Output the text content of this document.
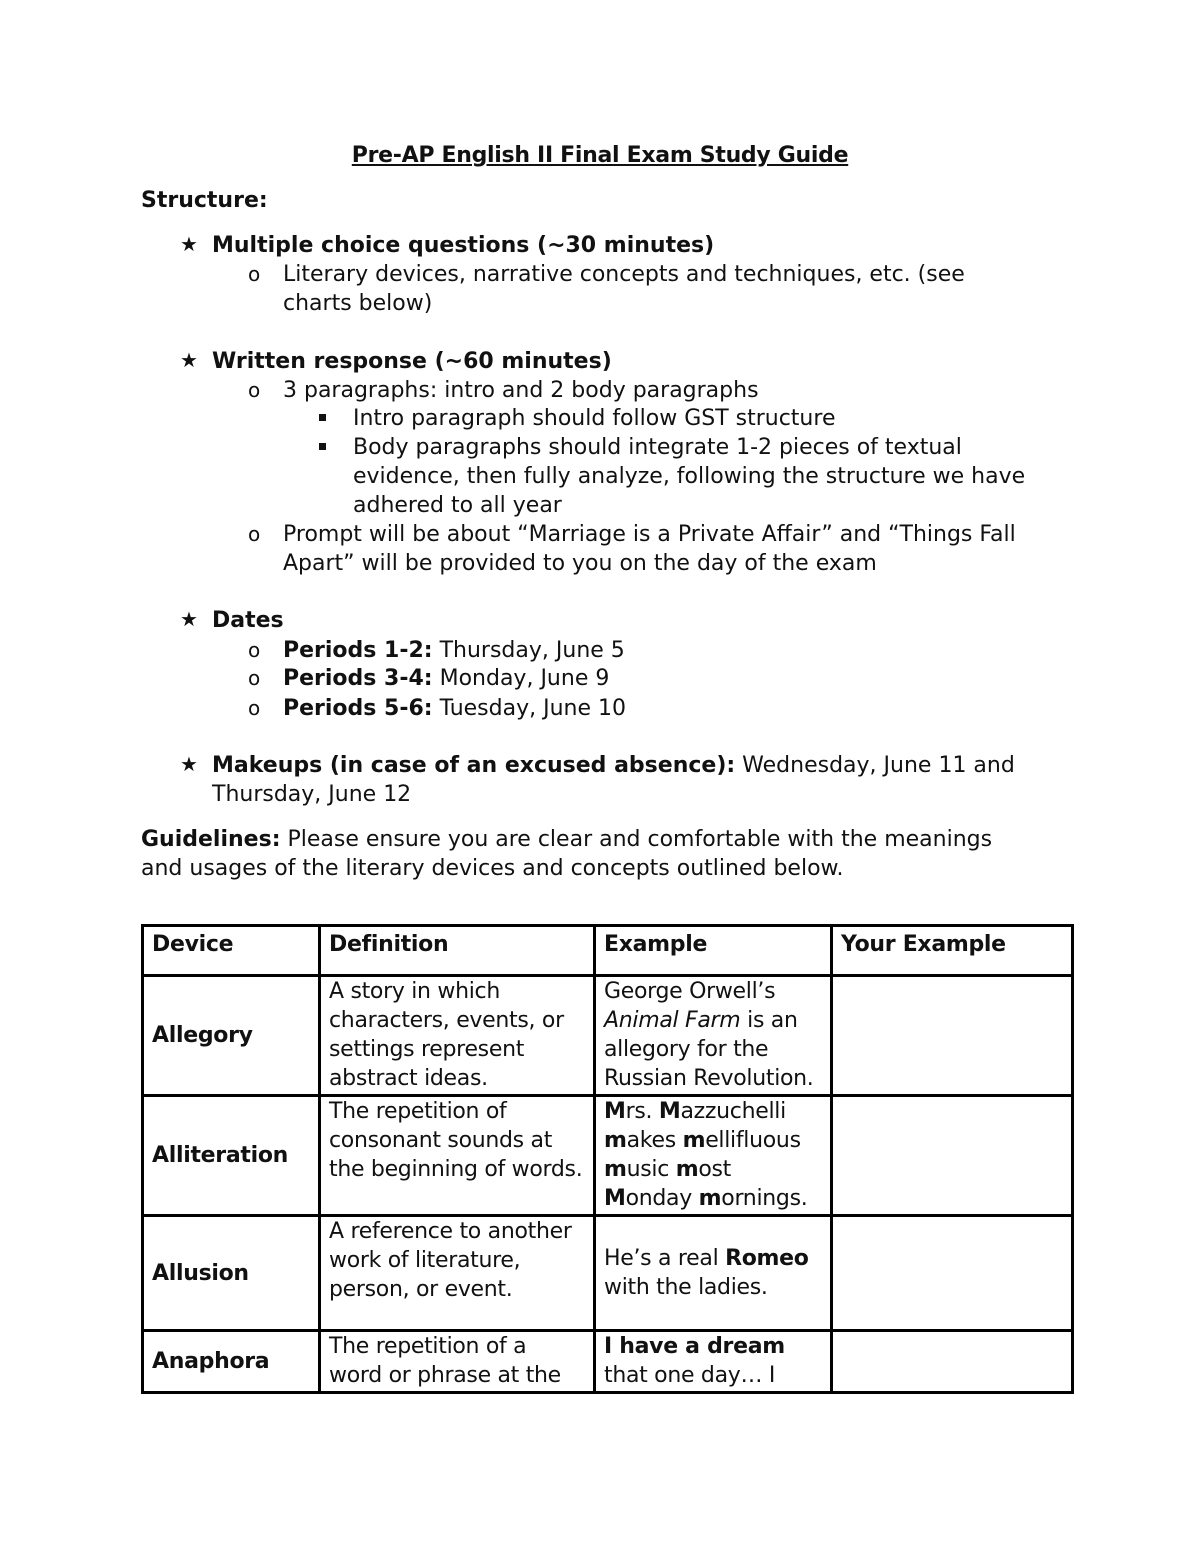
Pre-AP English II Final Exam Study Guide
Structure:
★ Multiple choice questions (~30 minutes)
o Literary devices, narrative concepts and techniques, etc. (see
charts below)
★ Written response (~60 minutes)
o 3 paragraphs: intro and 2 body paragraphs
Intro paragraph should follow GST structure
Body paragraphs should integrate 1-2 pieces of textual
evidence, then fully analyze, following the structure we have
adhered to all year
o Prompt will be about “Marriage is a Private Affair” and “Things Fall
Apart” will be provided to you on the day of the exam
★ Dates
o Periods 1-2: Thursday, June 5
o Periods 3-4: Monday, June 9
o Periods 5-6: Tuesday, June 10
★ Makeups (in case of an excused absence): Wednesday, June 11 and
Thursday, June 12
Guidelines: Please ensure you are clear and comfortable with the meanings
and usages of the literary devices and concepts outlined below.
Device	Definition	Example	Your Example
Allegory	A story in which characters, events, or settings represent abstract ideas.	George Orwell’s Animal Farm is an allegory for the Russian Revolution.	
Alliteration	The repetition of consonant sounds at the beginning of words.	Mrs. Mazzuchelli makes mellifluous music most Monday mornings.	
Allusion	A reference to another work of literature, person, or event.	He’s a real Romeo with the ladies.	
Anaphora	The repetition of a word or phrase at the	I have a dream that one day… I	
